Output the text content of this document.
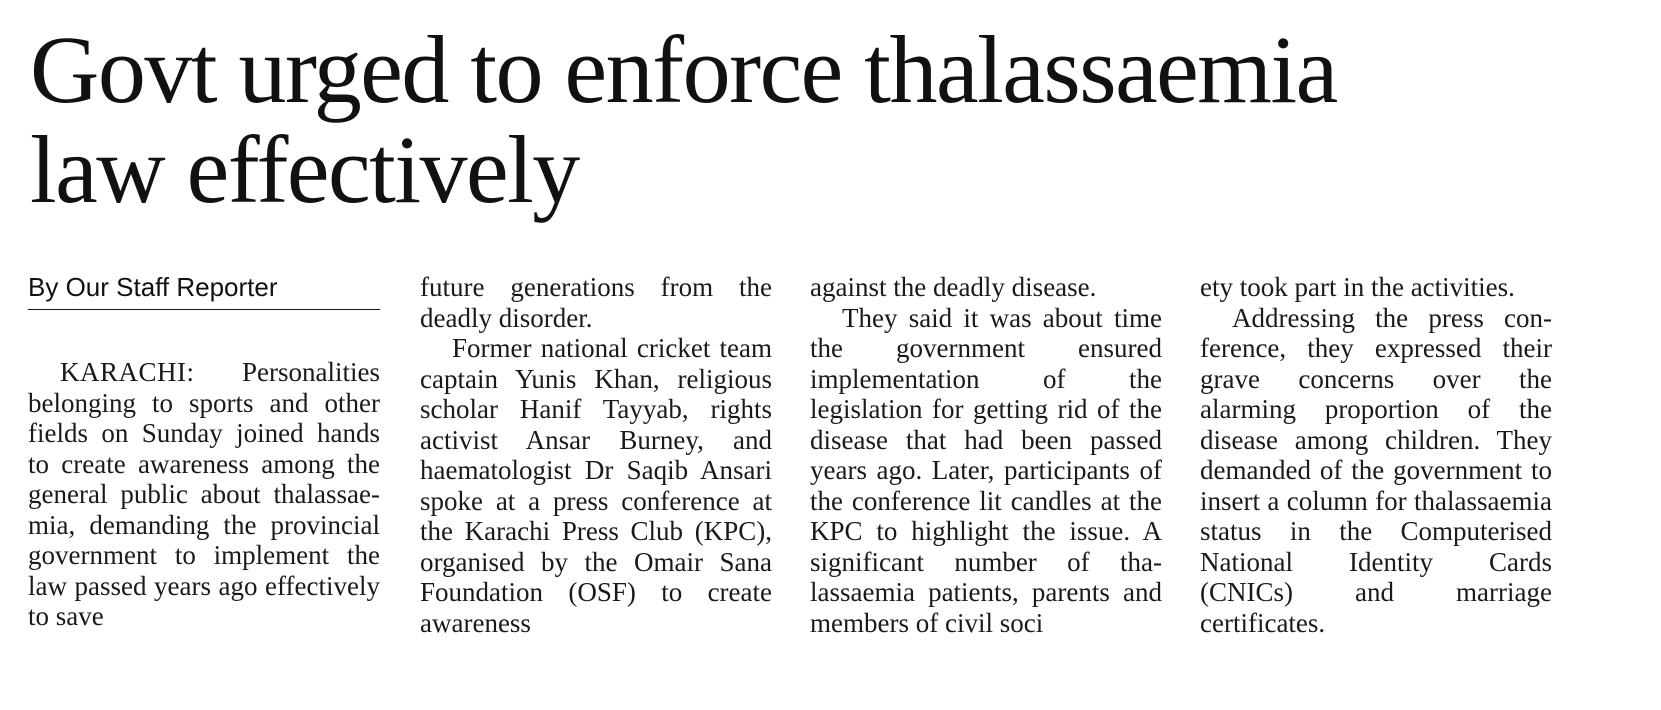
Govt urged to enforce thalassaemia
law effectively
By Our Staff Reporter

KARACHI: Personalities belonging to sports and other fields on Sunday joined hands to create awareness among the general public about thalassaemia, demanding the provincial government to implement the law passed years ago effectively to save

future generations from the deadly disorder.

Former national cricket team captain Yunis Khan, religious scholar Hanif Tayyab, rights activist Ansar Burney, and haematologist Dr Saqib Ansari spoke at a press conference at the Karachi Press Club (KPC), organised by the Omair Sana Foundation (OSF) to create awareness

against the deadly disease.

They said it was about time the government ensured implementation of the legislation for getting rid of the disease that had been passed years ago. Later, participants of the conference lit candles at the KPC to highlight the issue. A significant number of thalassaemia patients, parents and members of civil soci

ety took part in the activities.

Addressing the press conference, they expressed their grave concerns over the alarming proportion of the disease among children. They demanded of the government to insert a column for thalassaemia status in the Computerised National Identity Cards (CNICs) and marriage certificates.
